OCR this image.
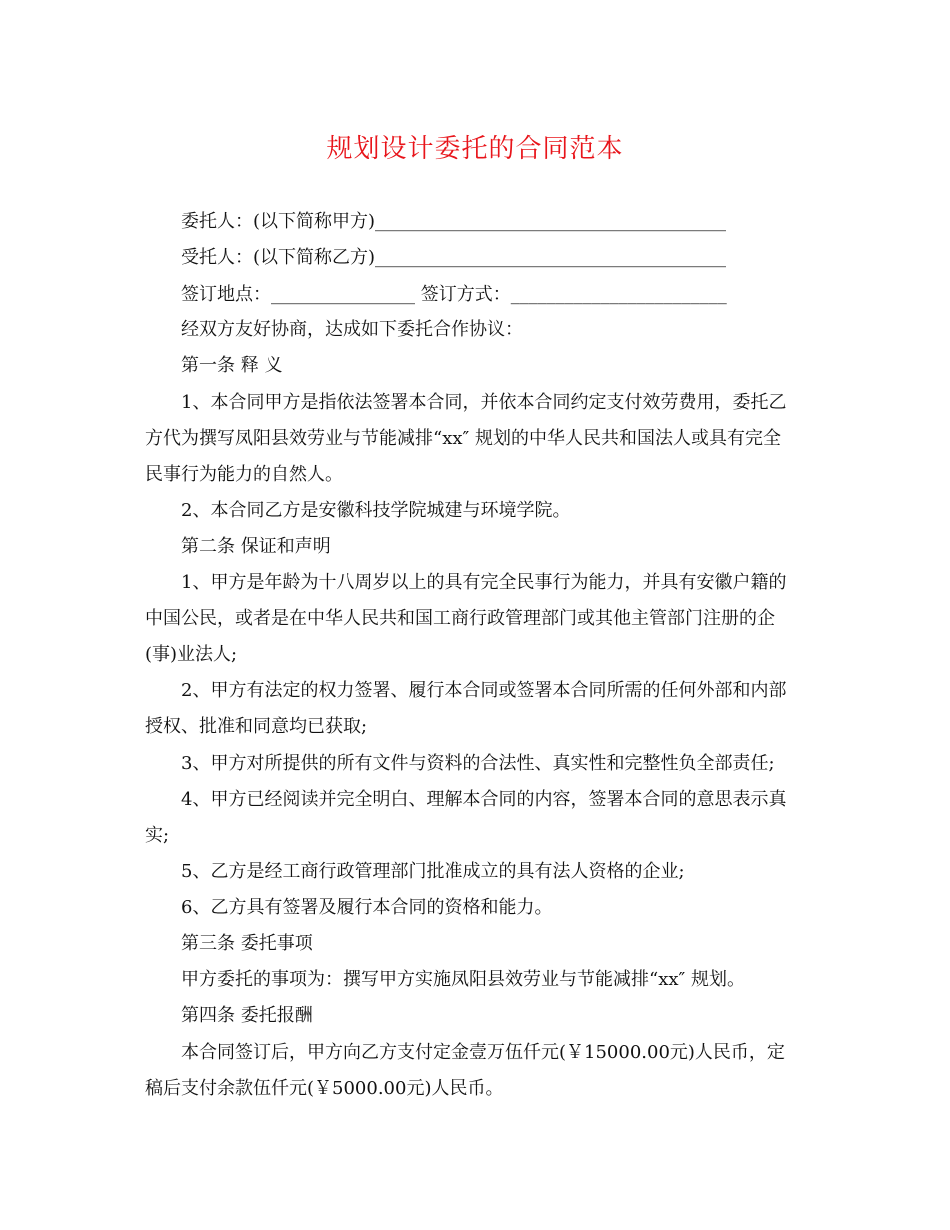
规划设计委托的合同范本
委托人：(以下简称甲方)_______________________________________
受托人：(以下简称乙方)_______________________________________
签订地点：________________ 签订方式：________________________
经双方友好协商，达成如下委托合作协议：
第一条 释 义
1、本合同甲方是指依法签署本合同，并依本合同约定支付效劳费用，委托乙
方代为撰写凤阳县效劳业与节能减排“xx″ 规划的中华人民共和国法人或具有完全
民事行为能力的自然人。
2、本合同乙方是安徽科技学院城建与环境学院。
第二条 保证和声明
1、甲方是年龄为十八周岁以上的具有完全民事行为能力，并具有安徽户籍的
中国公民，或者是在中华人民共和国工商行政管理部门或其他主管部门注册的企
(事)业法人;
2、甲方有法定的权力签署、履行本合同或签署本合同所需的任何外部和内部
授权、批准和同意均已获取;
3、甲方对所提供的所有文件与资料的合法性、真实性和完整性负全部责任;
4、甲方已经阅读并完全明白、理解本合同的内容，签署本合同的意思表示真
实;
5、乙方是经工商行政管理部门批准成立的具有法人资格的企业;
6、乙方具有签署及履行本合同的资格和能力。
第三条 委托事项
甲方委托的事项为：撰写甲方实施凤阳县效劳业与节能减排“xx″ 规划。
第四条 委托报酬
本合同签订后，甲方向乙方支付定金壹万伍仟元(￥15000.00元)人民币，定
稿后支付余款伍仟元(￥5000.00元)人民币。
